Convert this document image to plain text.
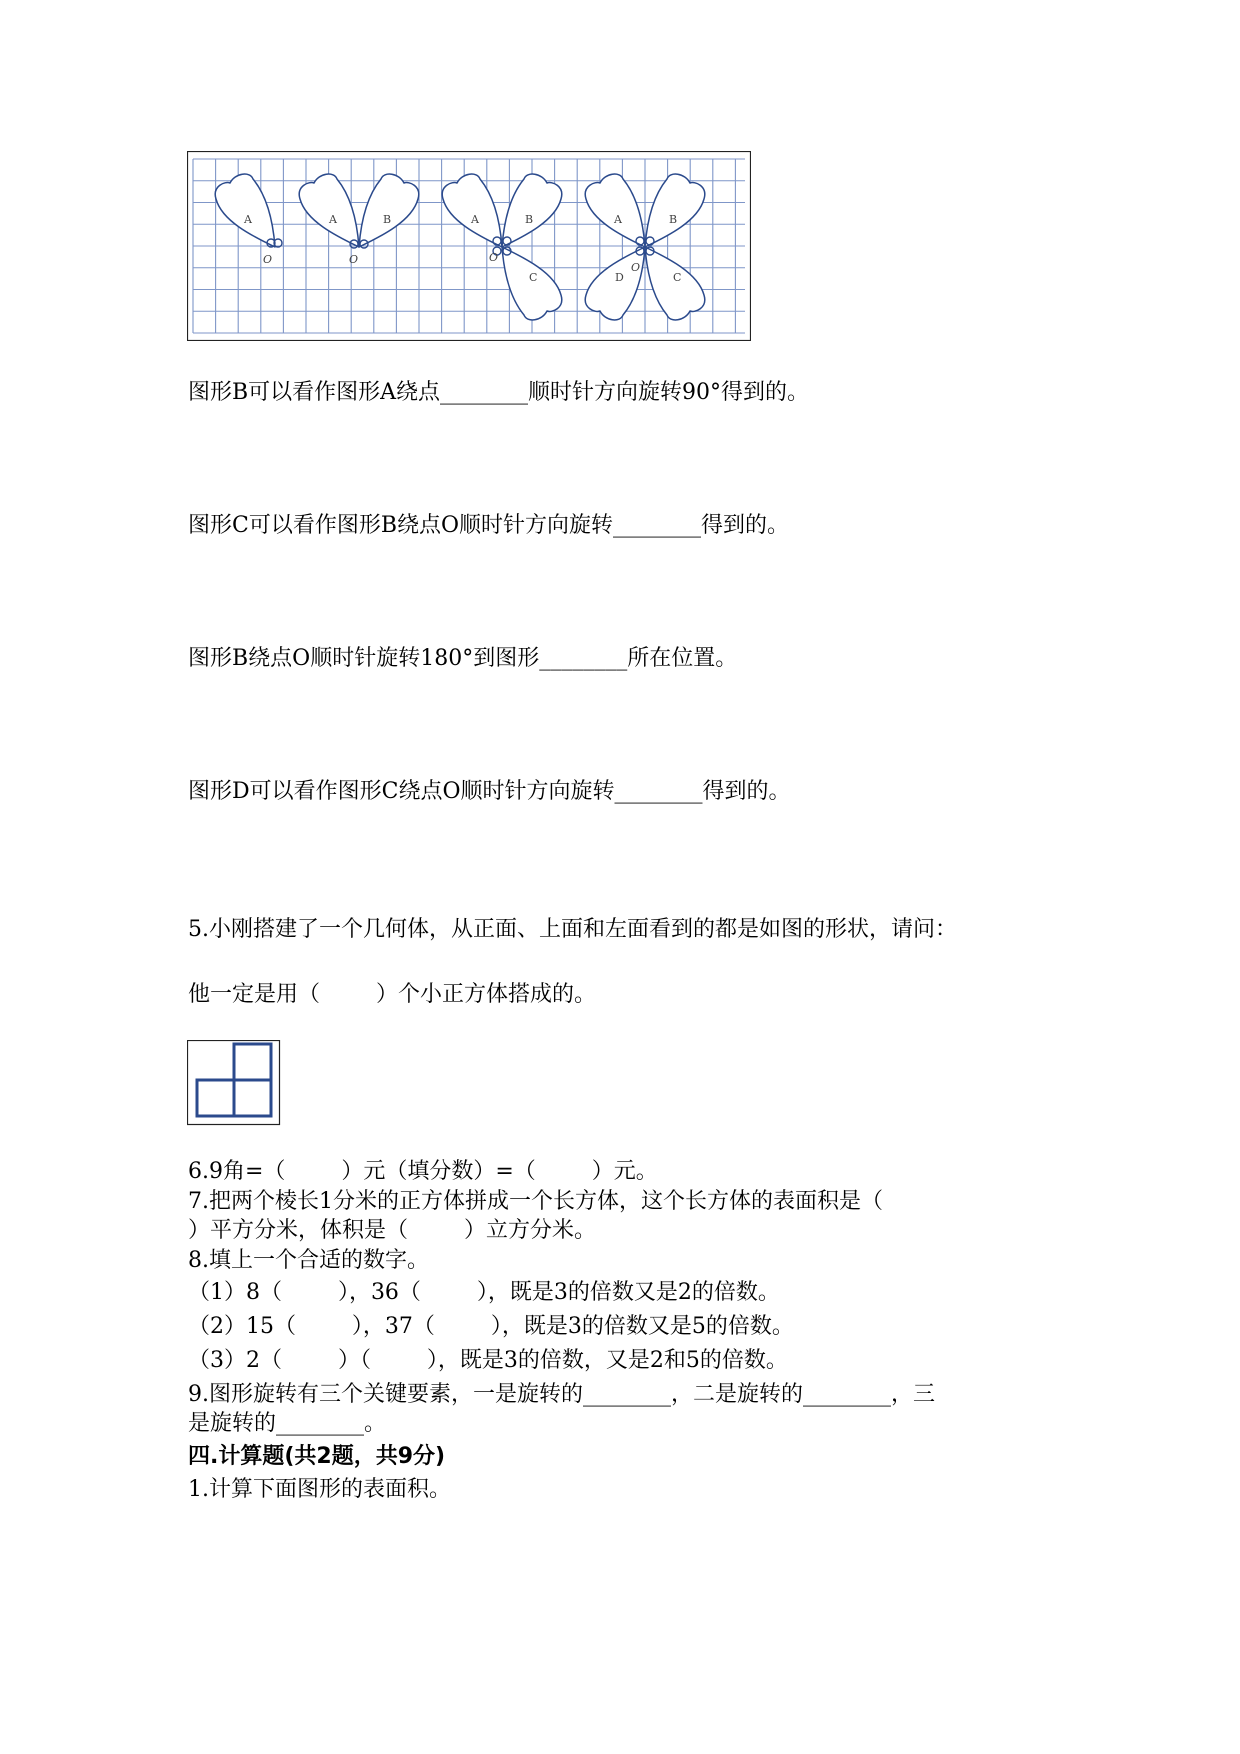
A
O
A	B
O
A	B
C
O
A	B
C
D
O
图形B可以看作图形A绕点________顺时针方向旋转90°得到的。
图形C可以看作图形B绕点O顺时针方向旋转________得到的。
图形B绕点O顺时针旋转180°到图形________所在位置。
图形D可以看作图形C绕点O顺时针方向旋转________得到的。
5.小刚搭建了一个几何体，从正面、上面和左面看到的都是如图的形状，请问：
他一定是用（        ）个小正方体搭成的。
6.9角=（        ）元（填分数）=（        ）元。
7.把两个棱长1分米的正方体拼成一个长方体，这个长方体的表面积是（
）平方分米，体积是（        ）立方分米。
8.填上一个合适的数字。
（1）8（        ），36（        ），既是3的倍数又是2的倍数。
（2）15（        ），37（        ），既是3的倍数又是5的倍数。
（3）2（        ）（        ），既是3的倍数，又是2和5的倍数。
9.图形旋转有三个关键要素，一是旋转的________，二是旋转的________，三
是旋转的________。
四.计算题(共2题，共9分)
1.计算下面图形的表面积。
